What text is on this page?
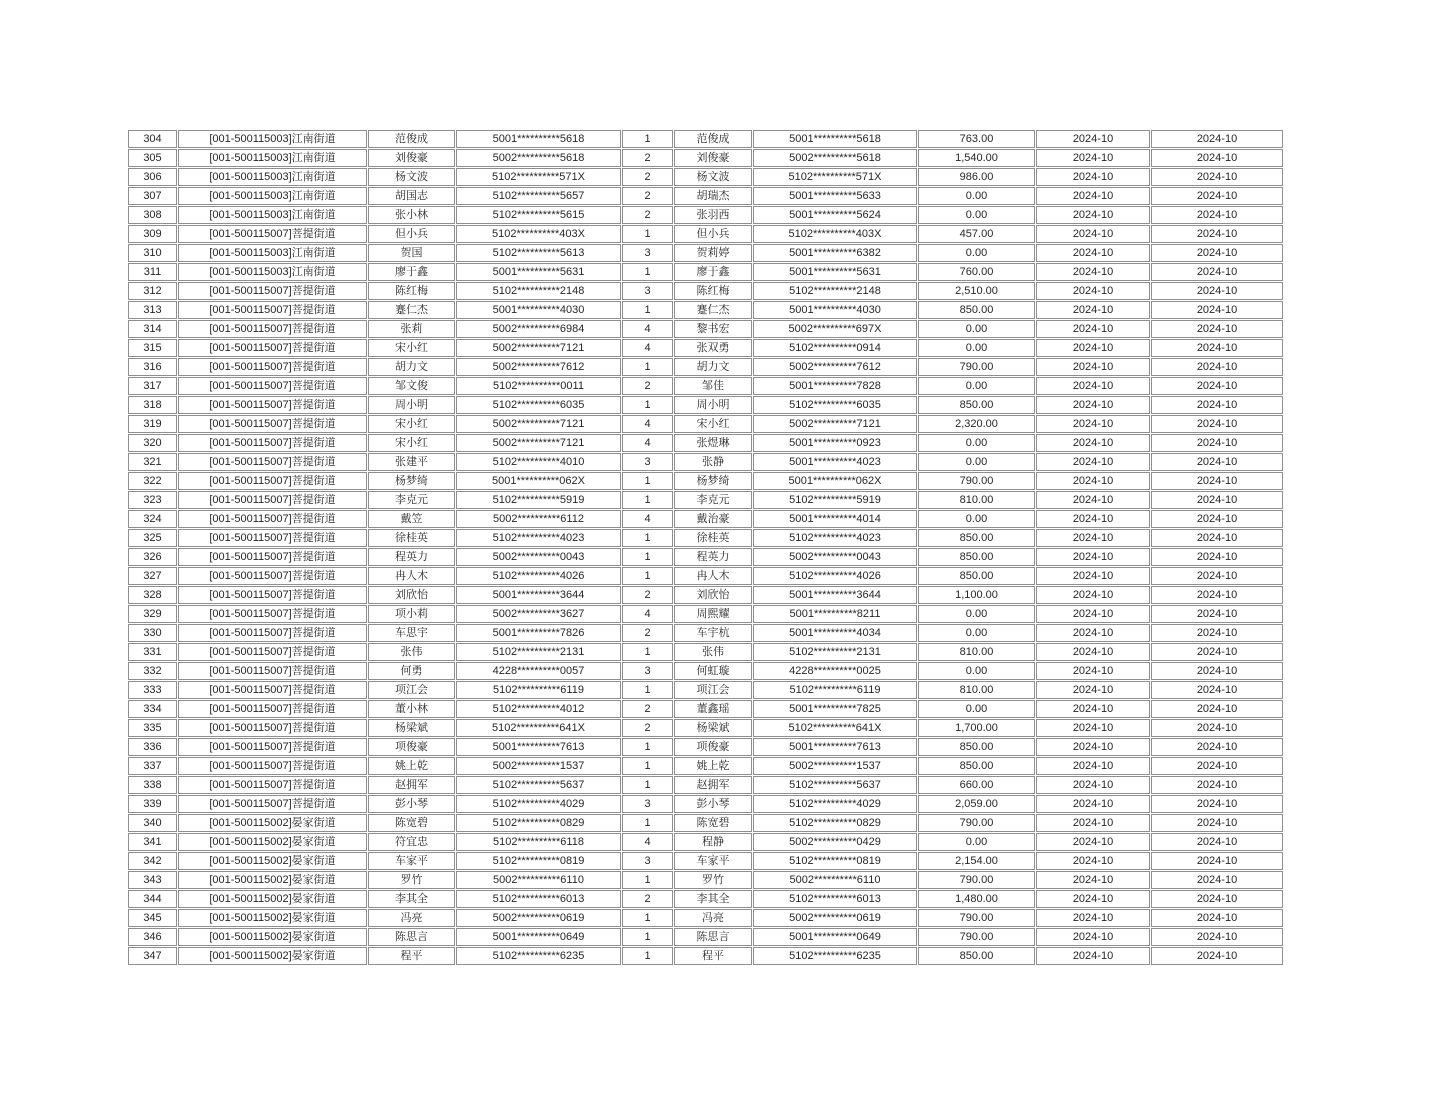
304	[001-500115003]江南街道	范俊成	5001**********5618	1	范俊成	5001**********5618	763.00	2024-10	2024-10
305	[001-500115003]江南街道	刘俊豪	5002**********5618	2	刘俊豪	5002**********5618	1,540.00	2024-10	2024-10
306	[001-500115003]江南街道	杨文波	5102**********571X	2	杨文波	5102**********571X	986.00	2024-10	2024-10
307	[001-500115003]江南街道	胡国志	5102**********5657	2	胡瑞杰	5001**********5633	0.00	2024-10	2024-10
308	[001-500115003]江南街道	张小林	5102**********5615	2	张羽西	5001**********5624	0.00	2024-10	2024-10
309	[001-500115007]菩提街道	但小兵	5102**********403X	1	但小兵	5102**********403X	457.00	2024-10	2024-10
310	[001-500115003]江南街道	贺国	5102**********5613	3	贺莉婷	5001**********6382	0.00	2024-10	2024-10
311	[001-500115003]江南街道	廖于鑫	5001**********5631	1	廖于鑫	5001**********5631	760.00	2024-10	2024-10
312	[001-500115007]菩提街道	陈红梅	5102**********2148	3	陈红梅	5102**********2148	2,510.00	2024-10	2024-10
313	[001-500115007]菩提街道	蹇仁杰	5001**********4030	1	蹇仁杰	5001**********4030	850.00	2024-10	2024-10
314	[001-500115007]菩提街道	张莉	5002**********6984	4	黎书宏	5002**********697X	0.00	2024-10	2024-10
315	[001-500115007]菩提街道	宋小红	5002**********7121	4	张双勇	5102**********0914	0.00	2024-10	2024-10
316	[001-500115007]菩提街道	胡力文	5002**********7612	1	胡力文	5002**********7612	790.00	2024-10	2024-10
317	[001-500115007]菩提街道	邹文俊	5102**********0011	2	邹佳	5001**********7828	0.00	2024-10	2024-10
318	[001-500115007]菩提街道	周小明	5102**********6035	1	周小明	5102**********6035	850.00	2024-10	2024-10
319	[001-500115007]菩提街道	宋小红	5002**********7121	4	宋小红	5002**********7121	2,320.00	2024-10	2024-10
320	[001-500115007]菩提街道	宋小红	5002**********7121	4	张煜琳	5001**********0923	0.00	2024-10	2024-10
321	[001-500115007]菩提街道	张建平	5102**********4010	3	张静	5001**********4023	0.00	2024-10	2024-10
322	[001-500115007]菩提街道	杨梦绮	5001**********062X	1	杨梦绮	5001**********062X	790.00	2024-10	2024-10
323	[001-500115007]菩提街道	李克元	5102**********5919	1	李克元	5102**********5919	810.00	2024-10	2024-10
324	[001-500115007]菩提街道	戴笠	5002**********6112	4	戴治豪	5001**********4014	0.00	2024-10	2024-10
325	[001-500115007]菩提街道	徐桂英	5102**********4023	1	徐桂英	5102**********4023	850.00	2024-10	2024-10
326	[001-500115007]菩提街道	程英力	5002**********0043	1	程英力	5002**********0043	850.00	2024-10	2024-10
327	[001-500115007]菩提街道	冉人木	5102**********4026	1	冉人木	5102**********4026	850.00	2024-10	2024-10
328	[001-500115007]菩提街道	刘欣怡	5001**********3644	2	刘欣怡	5001**********3644	1,100.00	2024-10	2024-10
329	[001-500115007]菩提街道	项小莉	5002**********3627	4	周熙耀	5001**********8211	0.00	2024-10	2024-10
330	[001-500115007]菩提街道	车思宇	5001**********7826	2	车宇杭	5001**********4034	0.00	2024-10	2024-10
331	[001-500115007]菩提街道	张伟	5102**********2131	1	张伟	5102**********2131	810.00	2024-10	2024-10
332	[001-500115007]菩提街道	何勇	4228**********0057	3	何虹璇	4228**********0025	0.00	2024-10	2024-10
333	[001-500115007]菩提街道	项江会	5102**********6119	1	项江会	5102**********6119	810.00	2024-10	2024-10
334	[001-500115007]菩提街道	董小林	5102**********4012	2	董鑫瑶	5001**********7825	0.00	2024-10	2024-10
335	[001-500115007]菩提街道	杨梁斌	5102**********641X	2	杨梁斌	5102**********641X	1,700.00	2024-10	2024-10
336	[001-500115007]菩提街道	项俊豪	5001**********7613	1	项俊豪	5001**********7613	850.00	2024-10	2024-10
337	[001-500115007]菩提街道	姚上乾	5002**********1537	1	姚上乾	5002**********1537	850.00	2024-10	2024-10
338	[001-500115007]菩提街道	赵拥军	5102**********5637	1	赵拥军	5102**********5637	660.00	2024-10	2024-10
339	[001-500115007]菩提街道	彭小琴	5102**********4029	3	彭小琴	5102**********4029	2,059.00	2024-10	2024-10
340	[001-500115002]晏家街道	陈宽碧	5102**********0829	1	陈宽碧	5102**********0829	790.00	2024-10	2024-10
341	[001-500115002]晏家街道	符宜忠	5102**********6118	4	程静	5002**********0429	0.00	2024-10	2024-10
342	[001-500115002]晏家街道	车家平	5102**********0819	3	车家平	5102**********0819	2,154.00	2024-10	2024-10
343	[001-500115002]晏家街道	罗竹	5002**********6110	1	罗竹	5002**********6110	790.00	2024-10	2024-10
344	[001-500115002]晏家街道	李其全	5102**********6013	2	李其全	5102**********6013	1,480.00	2024-10	2024-10
345	[001-500115002]晏家街道	冯亮	5002**********0619	1	冯亮	5002**********0619	790.00	2024-10	2024-10
346	[001-500115002]晏家街道	陈思言	5001**********0649	1	陈思言	5001**********0649	790.00	2024-10	2024-10
347	[001-500115002]晏家街道	程平	5102**********6235	1	程平	5102**********6235	850.00	2024-10	2024-10
